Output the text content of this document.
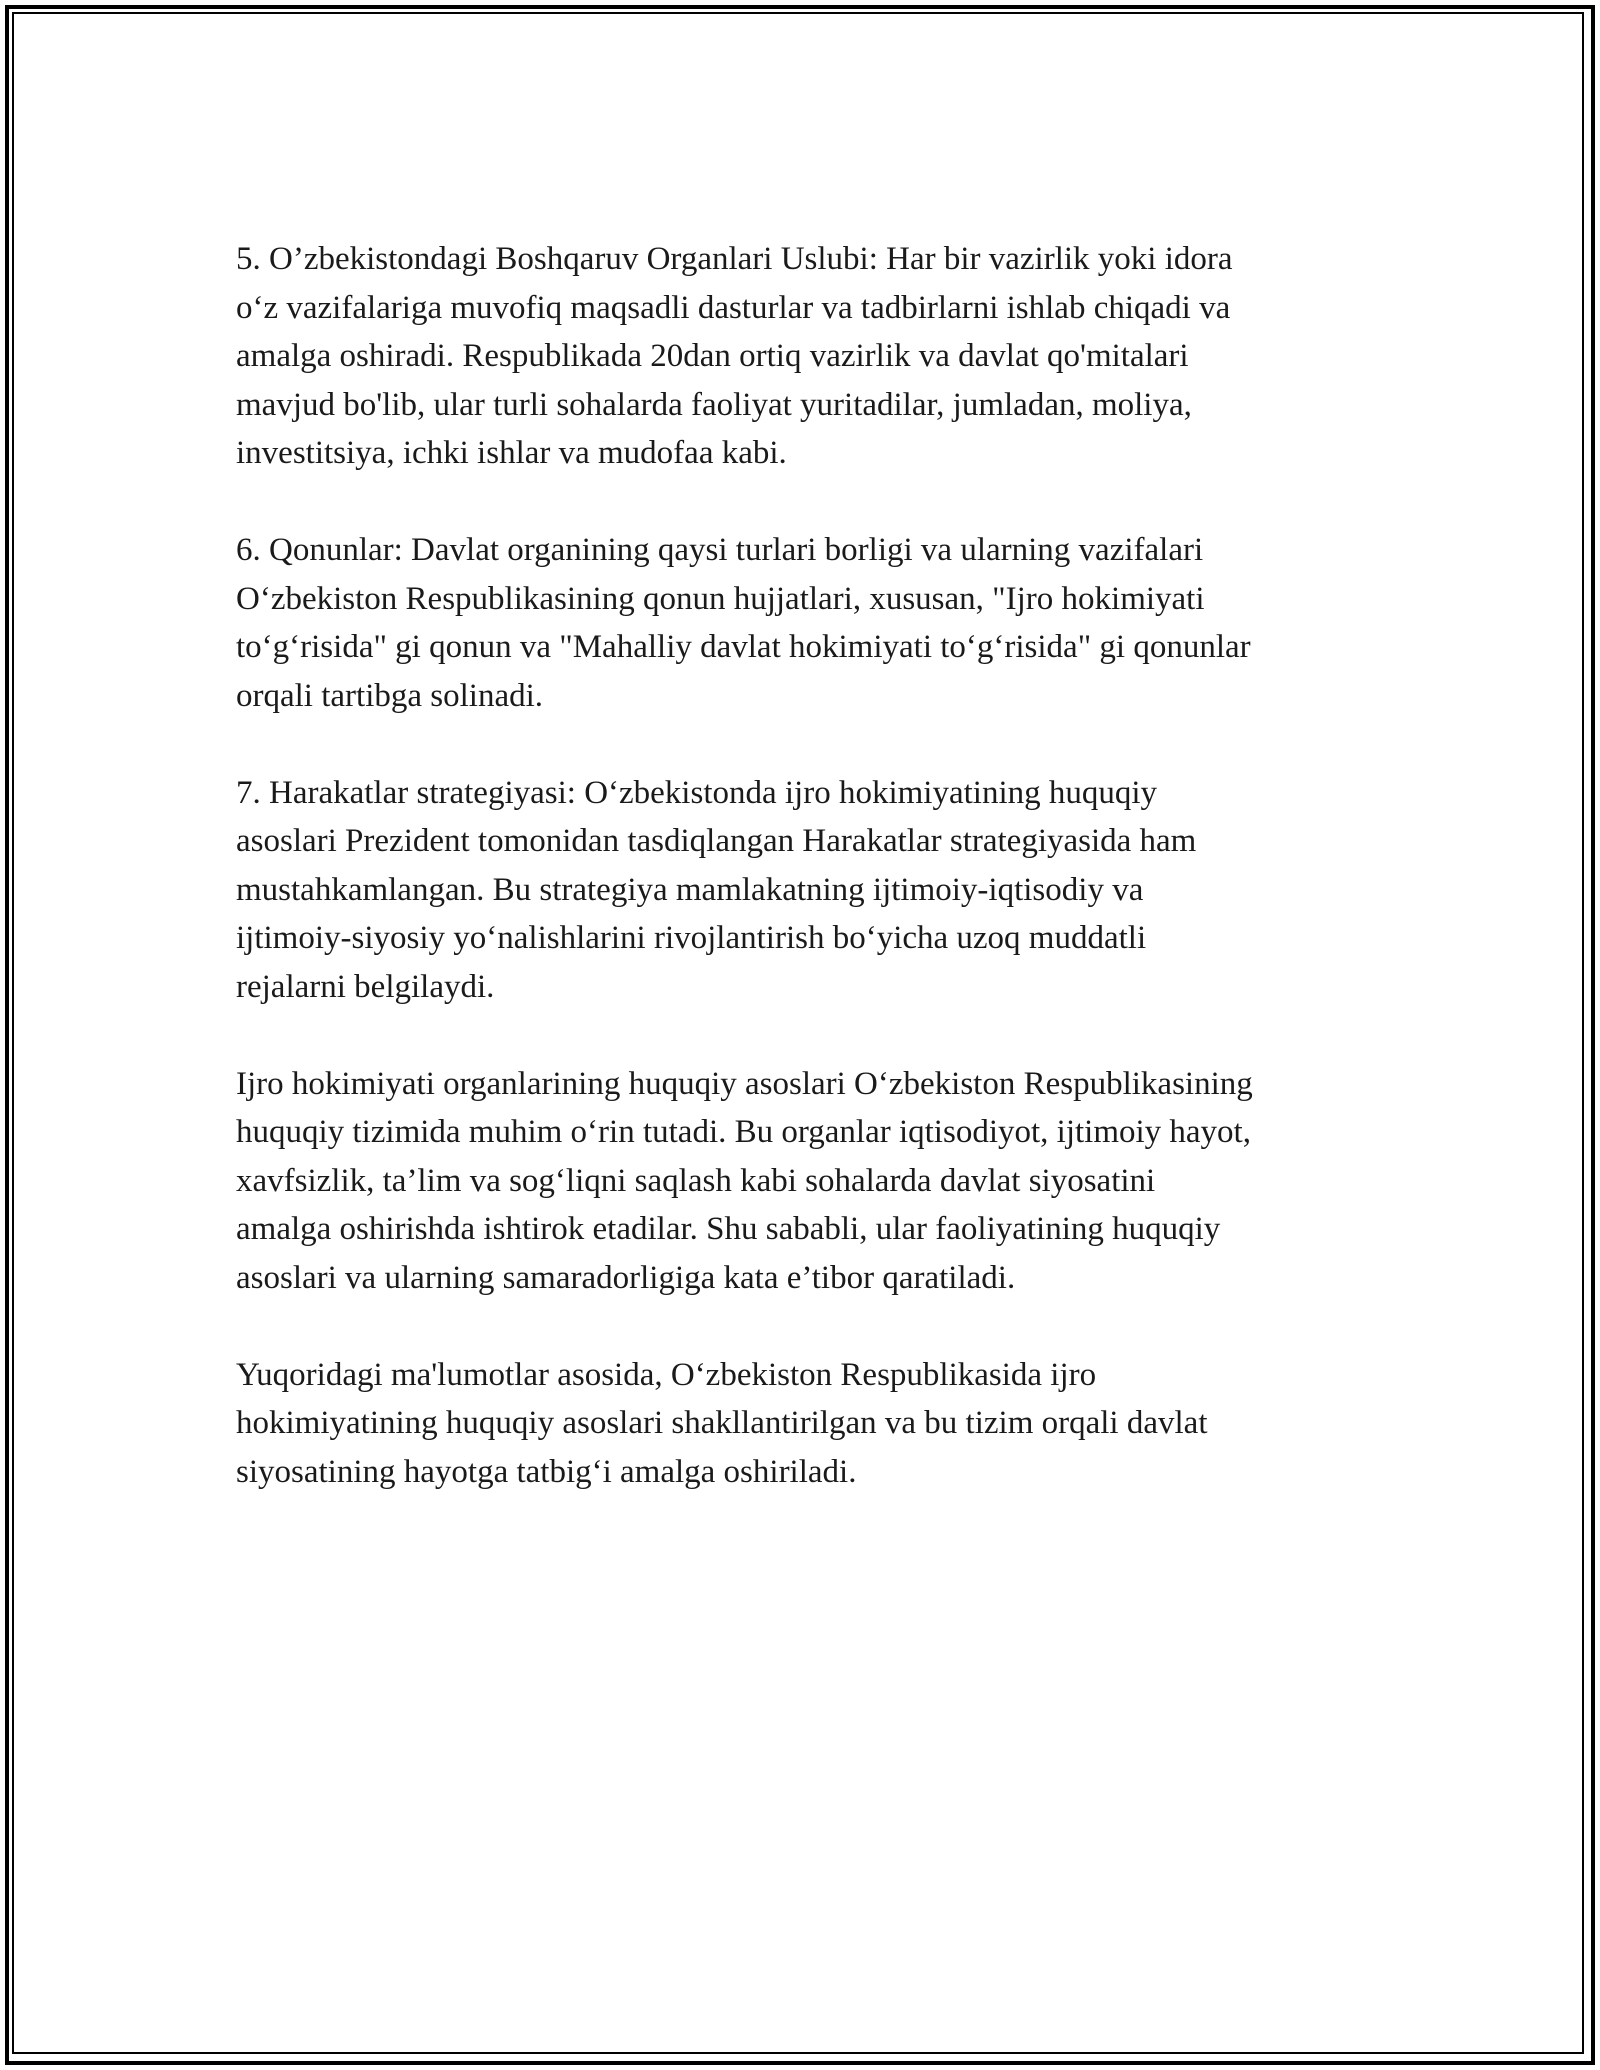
5. O’zbekistondagi Boshqaruv Organlari Uslubi: Har bir vazirlik yoki idora
o‘z vazifalariga muvofiq maqsadli dasturlar va tadbirlarni ishlab chiqadi va
amalga oshiradi. Respublikada 20dan ortiq vazirlik va davlat qo'mitalari
mavjud bo'lib, ular turli sohalarda faoliyat yuritadilar, jumladan, moliya,
investitsiya, ichki ishlar va mudofaa kabi.

6. Qonunlar: Davlat organining qaysi turlari borligi va ularning vazifalari
O‘zbekiston Respublikasining qonun hujjatlari, xususan, "Ijro hokimiyati
to‘g‘risida" gi qonun va "Mahalliy davlat hokimiyati to‘g‘risida" gi qonunlar
orqali tartibga solinadi.

7. Harakatlar strategiyasi: O‘zbekistonda ijro hokimiyatining huquqiy
asoslari Prezident tomonidan tasdiqlangan Harakatlar strategiyasida ham
mustahkamlangan. Bu strategiya mamlakatning ijtimoiy-iqtisodiy va
ijtimoiy-siyosiy yo‘nalishlarini rivojlantirish bo‘yicha uzoq muddatli
rejalarni belgilaydi.

Ijro hokimiyati organlarining huquqiy asoslari O‘zbekiston Respublikasining
huquqiy tizimida muhim o‘rin tutadi. Bu organlar iqtisodiyot, ijtimoiy hayot,
xavfsizlik, ta’lim va sog‘liqni saqlash kabi sohalarda davlat siyosatini
amalga oshirishda ishtirok etadilar. Shu sababli, ular faoliyatining huquqiy
asoslari va ularning samaradorligiga kata e’tibor qaratiladi.

Yuqoridagi ma'lumotlar asosida, O‘zbekiston Respublikasida ijro
hokimiyatining huquqiy asoslari shakllantirilgan va bu tizim orqali davlat
siyosatining hayotga tatbig‘i amalga oshiriladi.
